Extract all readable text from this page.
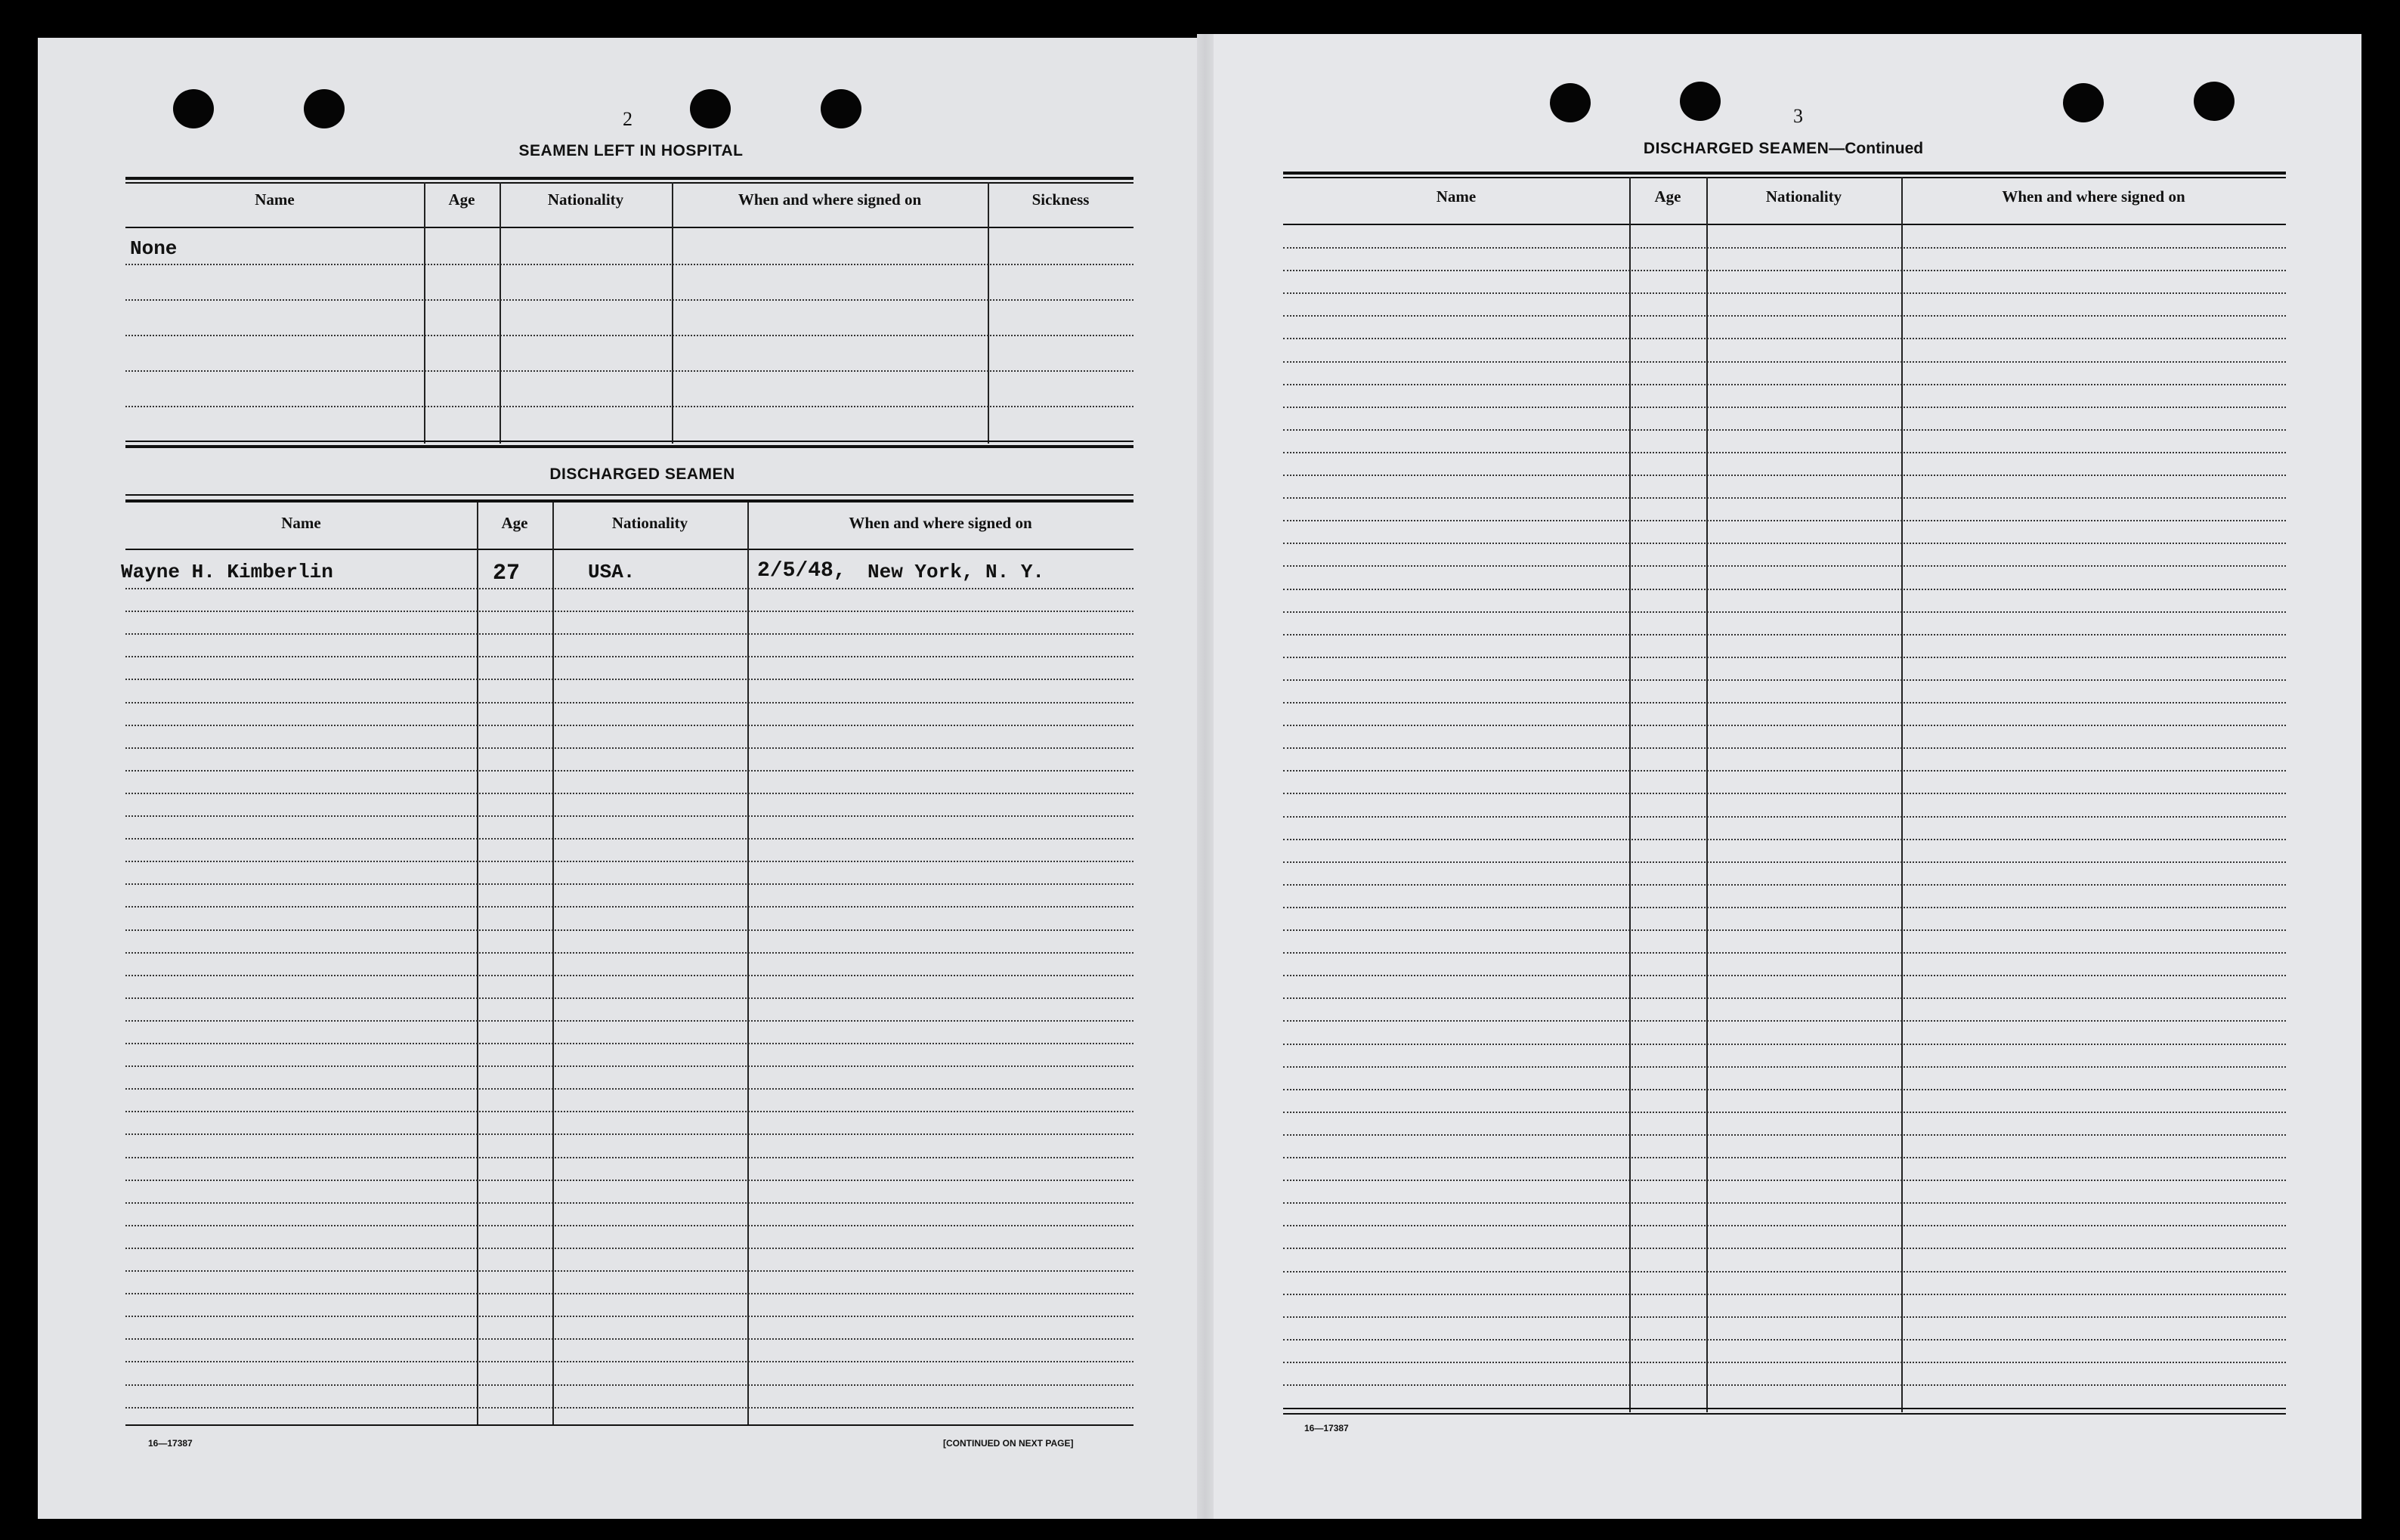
2
SEAMEN LEFT IN HOSPITAL
Name	Age	Nationality	When and where signed on	Sickness
None
DISCHARGED SEAMEN
Name	Age	Nationality	When and where signed on
Wayne H. Kimberlin	27	USA.	2/5/48, New York, N. Y.
16—17387	[CONTINUED ON NEXT PAGE]
3
DISCHARGED SEAMEN—Continued
Name	Age	Nationality	When and where signed on
16—17387
